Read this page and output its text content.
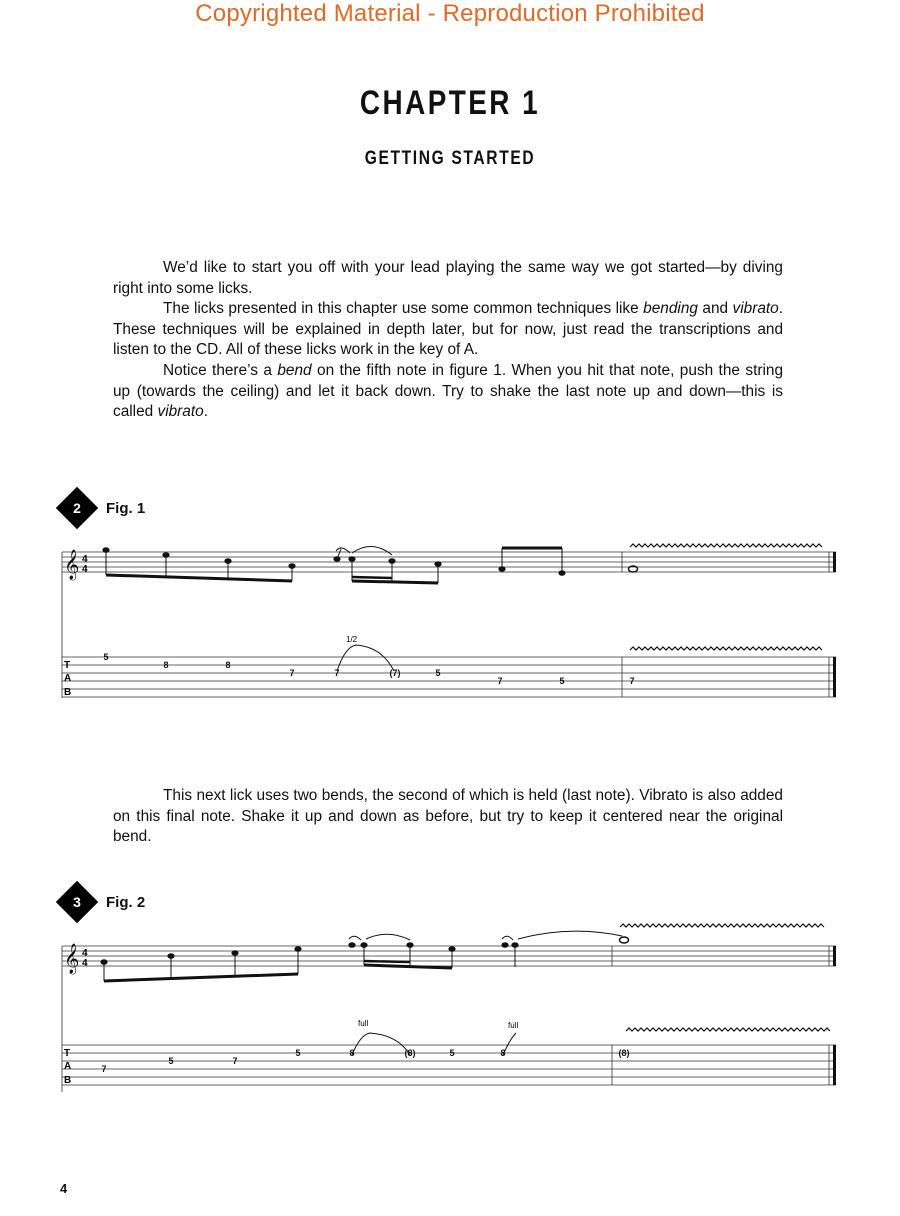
Copyrighted Material - Reproduction Prohibited
CHAPTER 1
GETTING STARTED

We’d like to start you off with your lead playing the same way we got started—by diving right into some licks.

The licks presented in this chapter use some common techniques like bending and vibrato. These techniques will be explained in depth later, but for now, just read the transcriptions and listen to the CD. All of these licks work in the key of A.

Notice there’s a bend on the fifth note in figure 1. When you hit that note, push the string up (towards the ceiling) and let it back down. Try to shake the last note up and down—this is called vibrato.

2	Fig. 1
𝄞 4
4
T
A
B
1/2
5
8	8
7	7	(7)	5
7	5	7

This next lick uses two bends, the second of which is held (last note). Vibrato is also added on this final note. Shake it up and down as before, but try to keep it centered near the original bend.

3	Fig. 2
𝄞 4
4
T
A
B
full	full
7
5	7
5	8	(8)	5	8	(8)
4
